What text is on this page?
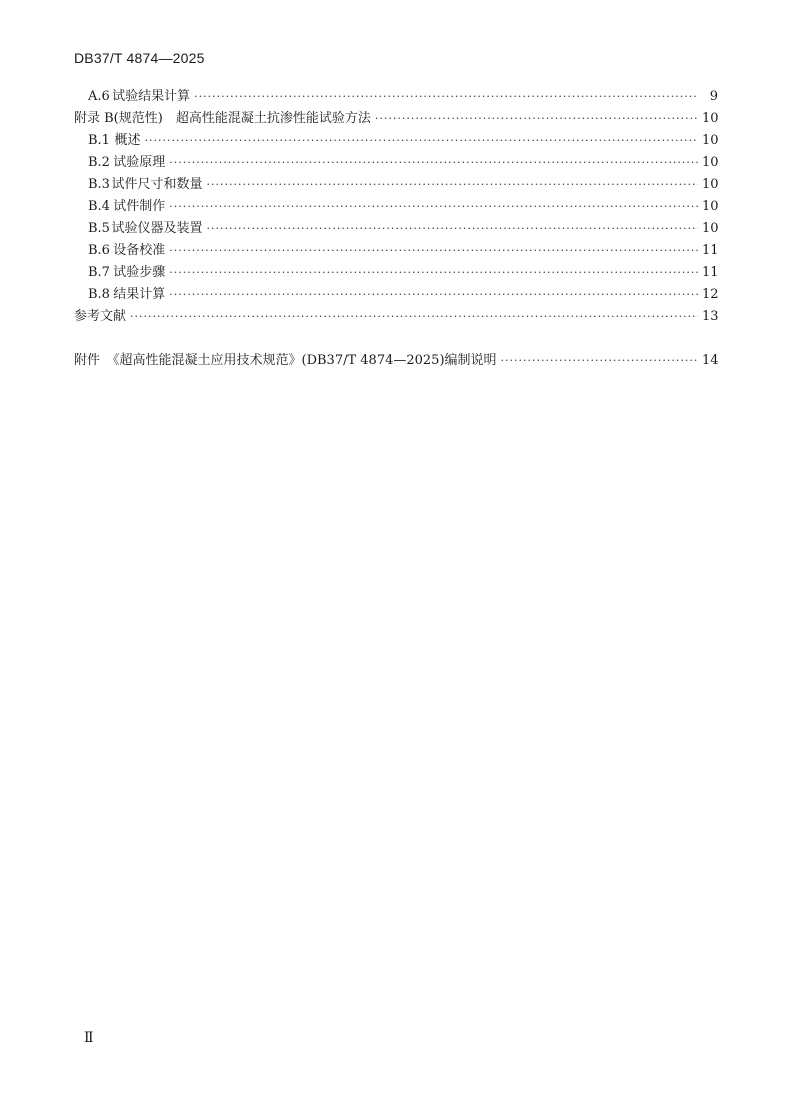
DB37/T 4874—2025
A.6 试验结果计算 ·····	9
附录 B(规范性)　超高性能混凝土抗渗性能试验方法 ·····	10
B.1 概述 ·····	10
B.2 试验原理 ·····	10
B.3 试件尺寸和数量 ·····	10
B.4 试件制作 ·····	10
B.5 试验仪器及装置 ·····	10
B.6 设备校准 ·····	11
B.7 试验步骤 ·····	11
B.8 结果计算 ·····	12
参考文献 ·····	13
附件　《超高性能混凝土应用技术规范》(DB37/T 4874—2025)编制说明 ·····	14
Ⅱ
